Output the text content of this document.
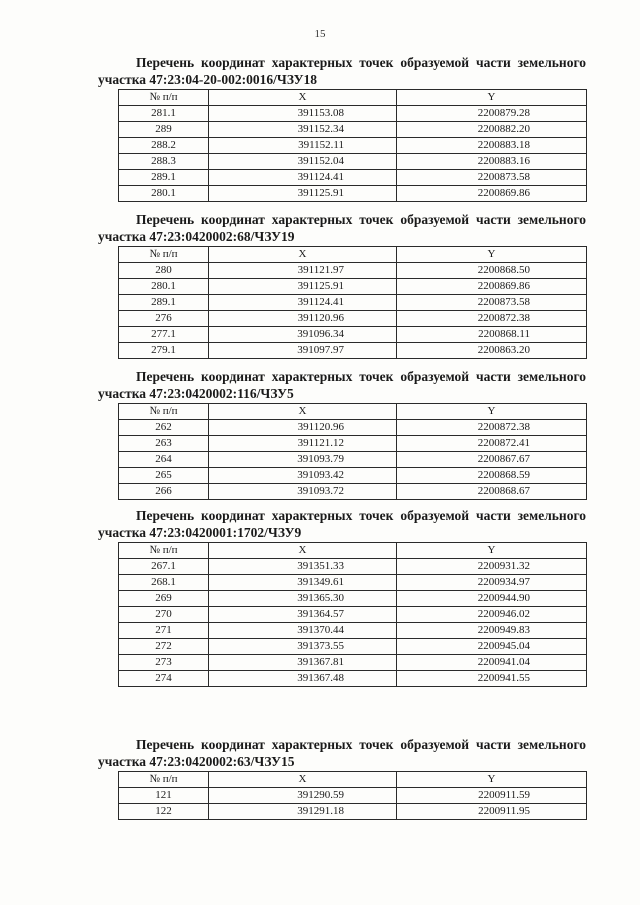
15

Перечень координат характерных точек образуемой части земельного участка 47:23:04-20-002:0016/ЧЗУ18

№ п/п	X	Y
281.1	391153.08	2200879.28
289	391152.34	2200882.20
288.2	391152.11	2200883.18
288.3	391152.04	2200883.16
289.1	391124.41	2200873.58
280.1	391125.91	2200869.86

Перечень координат характерных точек образуемой части земельного участка 47:23:0420002:68/ЧЗУ19

№ п/п	X	Y
280	391121.97	2200868.50
280.1	391125.91	2200869.86
289.1	391124.41	2200873.58
276	391120.96	2200872.38
277.1	391096.34	2200868.11
279.1	391097.97	2200863.20

Перечень координат характерных точек образуемой части земельного участка 47:23:0420002:116/ЧЗУ5

№ п/п	X	Y
262	391120.96	2200872.38
263	391121.12	2200872.41
264	391093.79	2200867.67
265	391093.42	2200868.59
266	391093.72	2200868.67

Перечень координат характерных точек образуемой части земельного участка 47:23:0420001:1702/ЧЗУ9

№ п/п	X	Y
267.1	391351.33	2200931.32
268.1	391349.61	2200934.97
269	391365.30	2200944.90
270	391364.57	2200946.02
271	391370.44	2200949.83
272	391373.55	2200945.04
273	391367.81	2200941.04
274	391367.48	2200941.55

Перечень координат характерных точек образуемой части земельного участка 47:23:0420002:63/ЧЗУ15

№ п/п	X	Y
121	391290.59	2200911.59
122	391291.18	2200911.95
